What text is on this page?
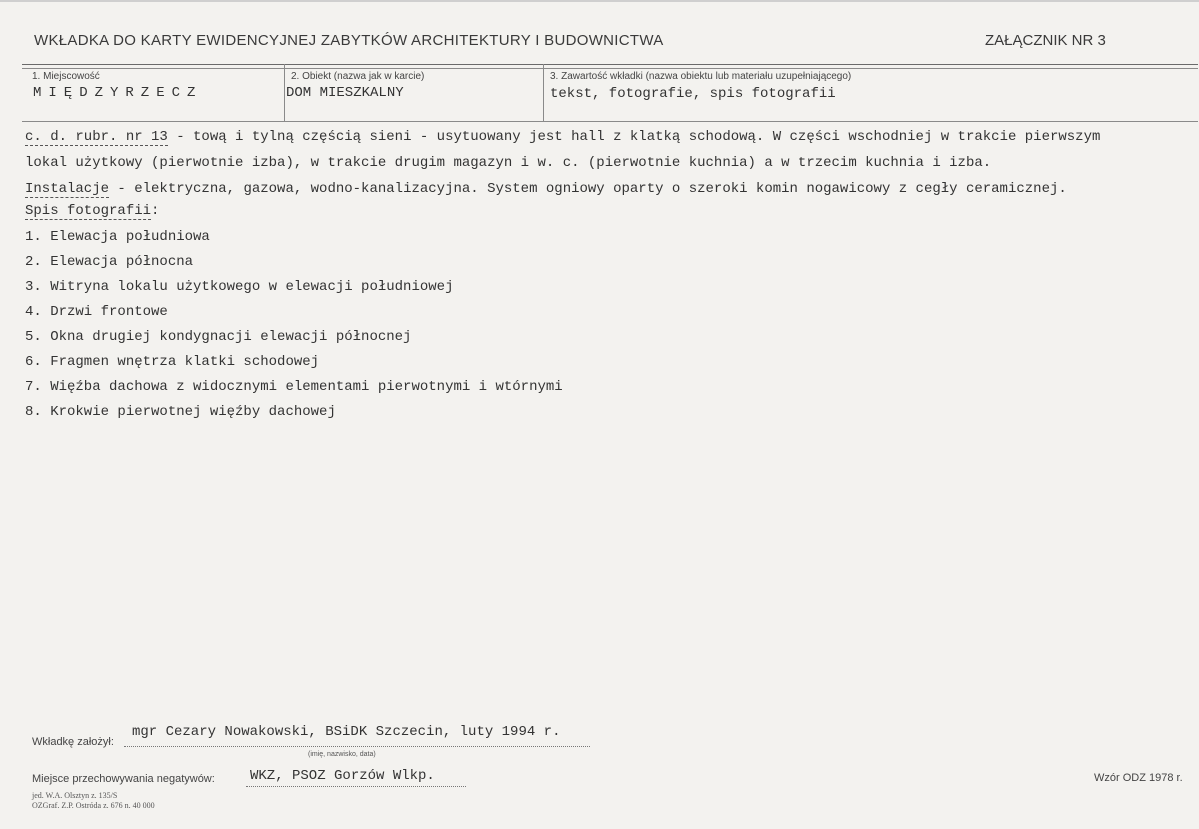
WKŁADKA DO KARTY EWIDENCYJNEJ ZABYTKÓW ARCHITEKTURY I BUDOWNICTWA	ZAŁĄCZNIK NR 3
1. Miejscowość
MIĘDZYRZECZ
2. Obiekt (nazwa jak w karcie)
DOM MIESZKALNY
3. Zawartość wkładki (nazwa obiektu lub materiału uzupełniającego)
tekst, fotografie, spis fotografii
c. d. rubr. nr 13 - tową i tylną częścią sieni - usytuowany jest hall z klatką schodową. W części wschodniej w trakcie pierwszym
lokal użytkowy (pierwotnie izba), w trakcie drugim magazyn i w. c. (pierwotnie kuchnia) a w trzecim kuchnia i izba.
Instalacje - elektryczna, gazowa, wodno-kanalizacyjna. System ogniowy oparty o szeroki komin nogawicowy z cegły ceramicznej.
Spis fotografii:
1. Elewacja południowa
2. Elewacja północna
3. Witryna lokalu użytkowego w elewacji południowej
4. Drzwi frontowe
5. Okna drugiej kondygnacji elewacji północnej
6. Fragmen wnętrza klatki schodowej
7. Więźba dachowa z widocznymi elementami pierwotnymi i wtórnymi
8. Krokwie pierwotnej więźby dachowej
Wkładkę założył:
mgr Cezary Nowakowski, BSiDK Szczecin, luty 1994 r.
(imię, nazwisko, data)
Miejsce przechowywania negatywów:	WKZ, PSOZ Gorzów Wlkp.
jed. W.A. Olsztyn z. 135/S
OZGraf. Z.P. Ostróda z. 676 n. 40 000
Wzór ODZ 1978 r.
